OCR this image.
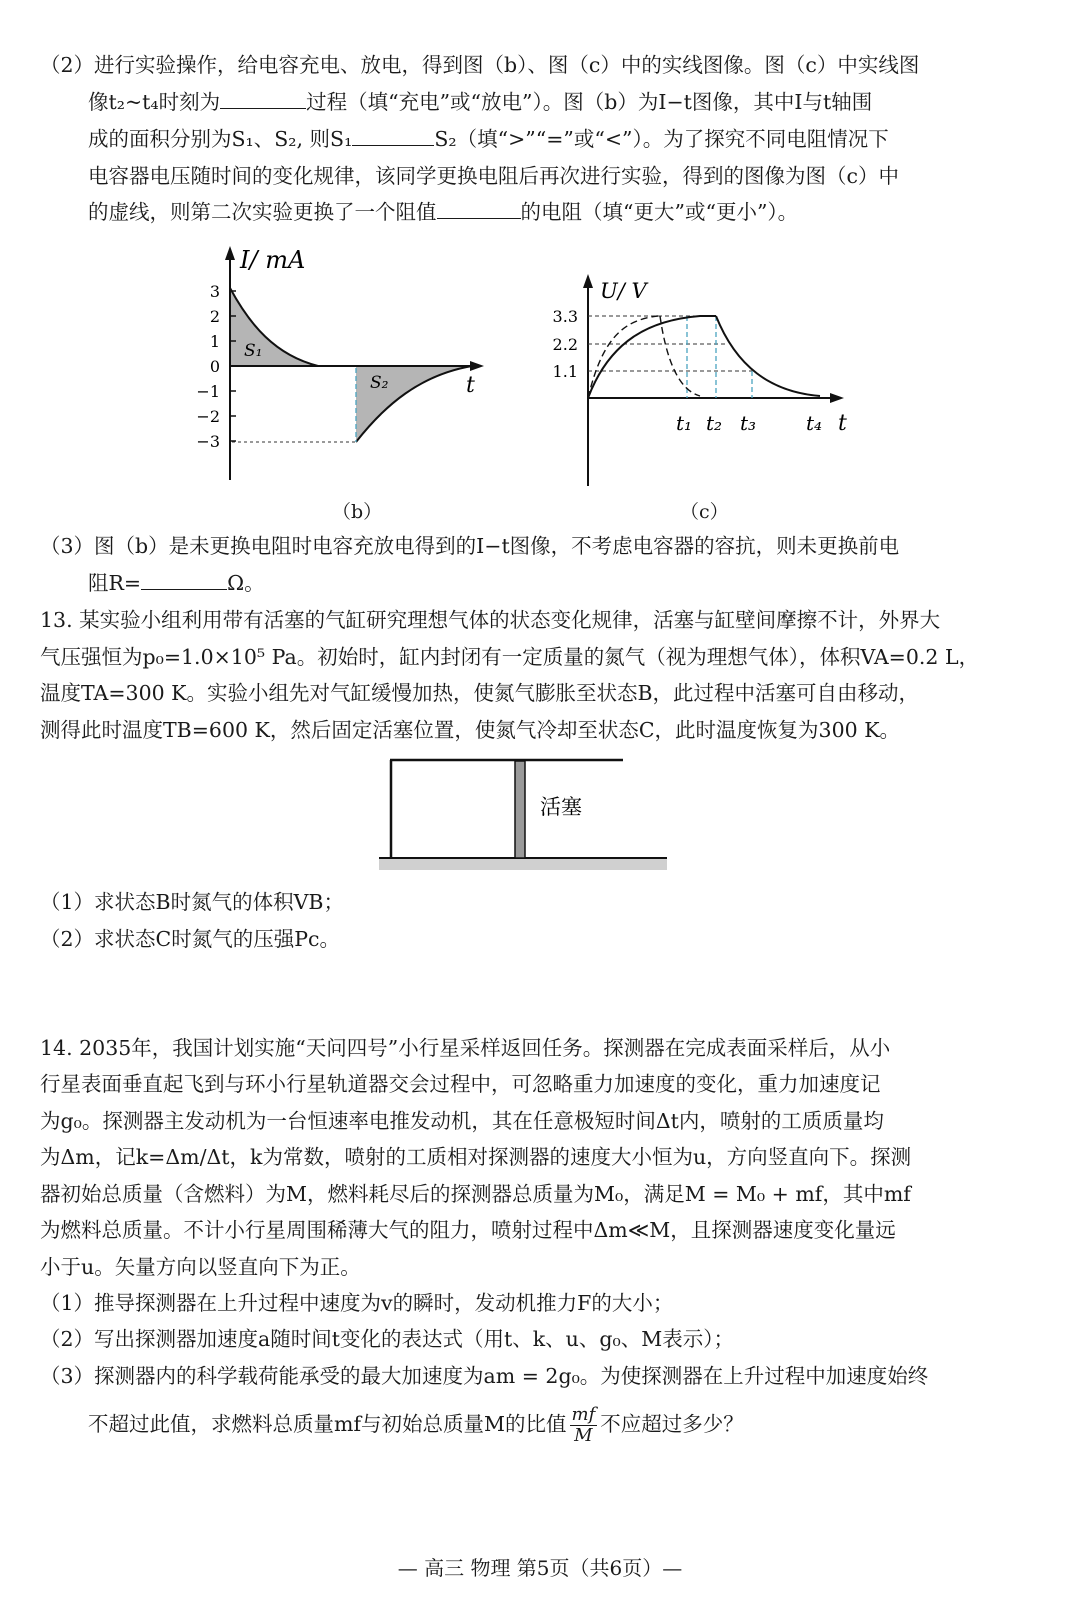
（2）进行实验操作，给电容充电、放电，得到图（b）、图（c）中的实线图像。图（c）中实线图
像t₂~t₄时刻为	过程（填“充电”或“放电”）。图（b）为I−t图像，其中I与t轴围
成的面积分别为S₁、S₂, 则S₁	S₂（填“>”“=”或“<”）。为了探究不同电阻情况下
电容器电压随时间的变化规律，该同学更换电阻后再次进行实验，得到的图像为图（c）中
的虚线，则第二次实验更换了一个阻值	的电阻（填“更大”或“更小”）。
I/ mA
t
3
2
1
0
−1
−2
−3
S₁
S₂
（b）
U/ V
t
3.3
2.2
1.1
t₁ t₂ t₃ t₄
（c）
（3）图（b）是未更换电阻时电容充放电得到的I−t图像，不考虑电容器的容抗，则未更换前电
阻R=	Ω。
13. 某实验小组利用带有活塞的气缸研究理想气体的状态变化规律，活塞与缸壁间摩擦不计，外界大
气压强恒为p₀=1.0×10⁵ Pa。初始时，缸内封闭有一定质量的氮气（视为理想气体），体积VA=0.2 L，
温度TA=300 K。实验小组先对气缸缓慢加热，使氮气膨胀至状态B，此过程中活塞可自由移动，
测得此时温度TB=600 K，然后固定活塞位置，使氮气冷却至状态C，此时温度恢复为300 K。
活塞
（1）求状态B时氮气的体积VB；
（2）求状态C时氮气的压强Pc。
14. 2035年，我国计划实施“天问四号”小行星采样返回任务。探测器在完成表面采样后，从小
行星表面垂直起飞到与环小行星轨道器交会过程中，可忽略重力加速度的变化，重力加速度记
为g₀。探测器主发动机为一台恒速率电推发动机，其在任意极短时间Δt内，喷射的工质质量均
为Δm，记k=Δm/Δt，k为常数，喷射的工质相对探测器的速度大小恒为u，方向竖直向下。探测
器初始总质量（含燃料）为M，燃料耗尽后的探测器总质量为M₀，满足M = M₀ + mf，其中mf
为燃料总质量。不计小行星周围稀薄大气的阻力，喷射过程中Δm≪M，且探测器速度变化量远
小于u。矢量方向以竖直向下为正。
（1）推导探测器在上升过程中速度为v的瞬时，发动机推力F的大小；
（2）写出探测器加速度a随时间t变化的表达式（用t、k、u、g₀、M表示）；
（3）探测器内的科学载荷能承受的最大加速度为am = 2g₀。为使探测器在上升过程中加速度始终
不超过此值，求燃料总质量mf与初始总质量M的比值 $\frac{mf}{M}$ 不应超过多少？
— 高三 物理 第5页（共6页）—
